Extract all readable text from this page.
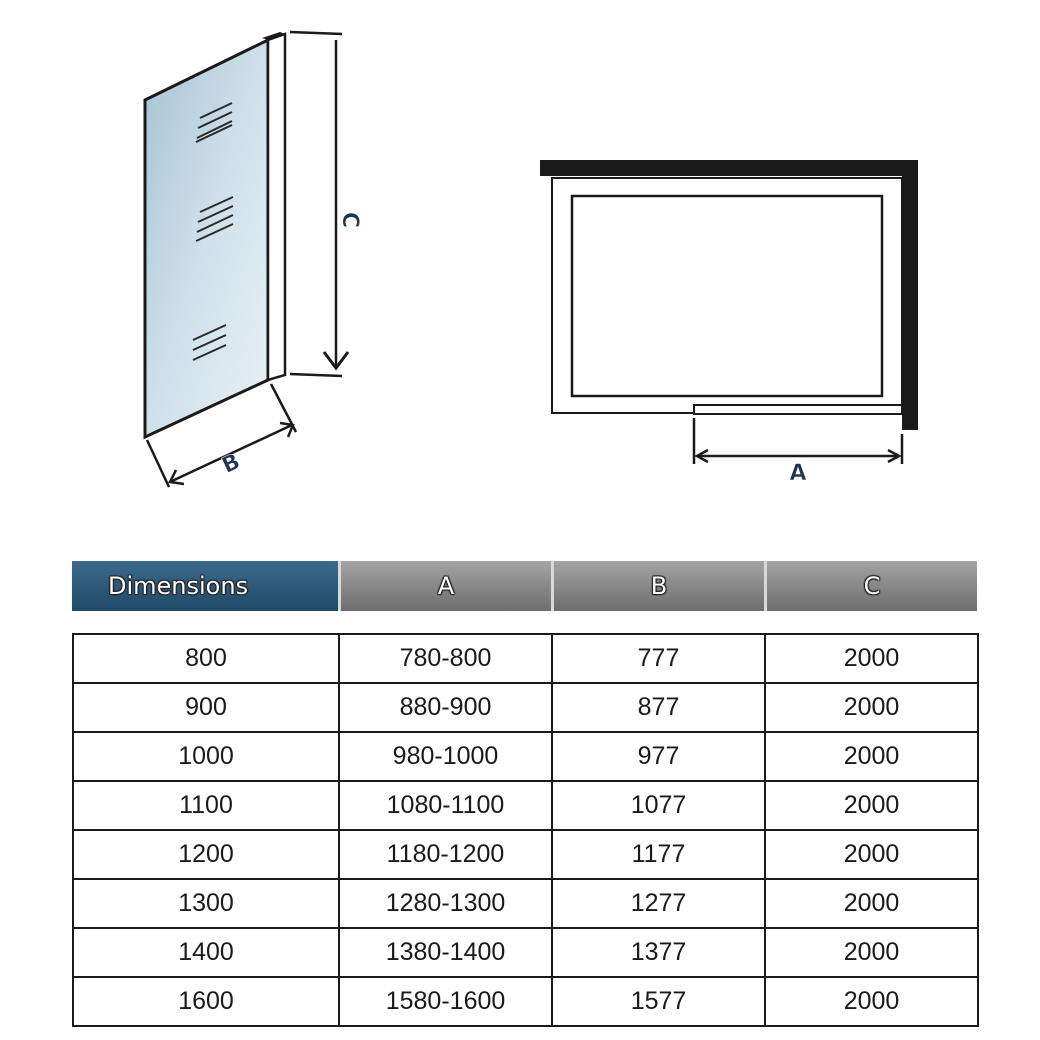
C
B	A
Dimensions	A	B	C
800	780-800	777	2000
900	880-900	877	2000
1000	980-1000	977	2000
1100	1080-1100	1077	2000
1200	1180-1200	1177	2000
1300	1280-1300	1277	2000
1400	1380-1400	1377	2000
1600	1580-1600	1577	2000
